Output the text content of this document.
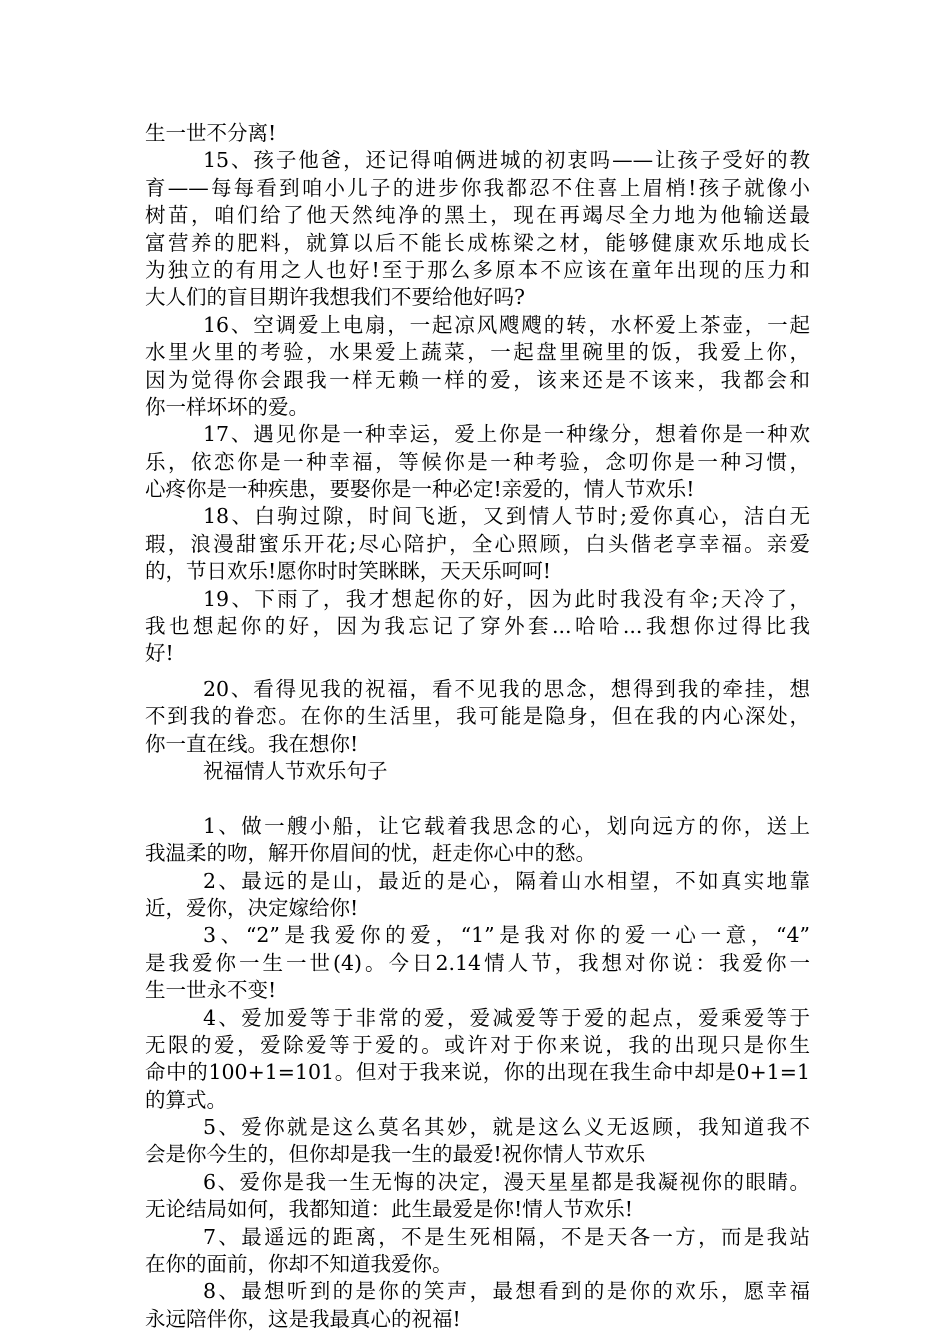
生一世不分离!
15、孩子他爸，还记得咱俩进城的初衷吗——让孩子受好的教
育——每每看到咱小儿子的进步你我都忍不住喜上眉梢!孩子就像小
树苗，咱们给了他天然纯净的黑土，现在再竭尽全力地为他输送最
富营养的肥料，就算以后不能长成栋梁之材，能够健康欢乐地成长
为独立的有用之人也好!至于那么多原本不应该在童年出现的压力和
大人们的盲目期许我想我们不要给他好吗?
16、空调爱上电扇，一起凉风飕飕的转，水杯爱上茶壶，一起
水里火里的考验，水果爱上蔬菜，一起盘里碗里的饭，我爱上你，
因为觉得你会跟我一样无赖一样的爱，该来还是不该来，我都会和
你一样坏坏的爱。
17、遇见你是一种幸运，爱上你是一种缘分，想着你是一种欢
乐，依恋你是一种幸福，等候你是一种考验，念叨你是一种习惯，
心疼你是一种疾患，要娶你是一种必定!亲爱的，情人节欢乐!
18、白驹过隙，时间飞逝，又到情人节时;爱你真心，洁白无
瑕，浪漫甜蜜乐开花;尽心陪护，全心照顾，白头偕老享幸福。亲爱
的，节日欢乐!愿你时时笑眯眯，天天乐呵呵!
19、下雨了，我才想起你的好，因为此时我没有伞;天冷了，
我也想起你的好，因为我忘记了穿外套...哈哈...我想你过得比我
好!
20、看得见我的祝福，看不见我的思念，想得到我的牵挂，想
不到我的眷恋。在你的生活里，我可能是隐身，但在我的内心深处，
你一直在线。我在想你!
祝福情人节欢乐句子
1、做一艘小船，让它载着我思念的心，划向远方的你，送上
我温柔的吻，解开你眉间的忧，赶走你心中的愁。
2、最远的是山，最近的是心，隔着山水相望，不如真实地靠
近，爱你，决定嫁给你!
3、“2”是我爱你的爱，“1”是我对你的爱一心一意，“4”
是我爱你一生一世(4)。今日2.14情人节，我想对你说：我爱你一
生一世永不变!
4、爱加爱等于非常的爱，爱减爱等于爱的起点，爱乘爱等于
无限的爱，爱除爱等于爱的。或许对于你来说，我的出现只是你生
命中的100+1=101。但对于我来说，你的出现在我生命中却是0+1=1
的算式。
5、爱你就是这么莫名其妙，就是这么义无返顾，我知道我不
会是你今生的，但你却是我一生的最爱!祝你情人节欢乐
6、爱你是我一生无悔的决定，漫天星星都是我凝视你的眼睛。
无论结局如何，我都知道：此生最爱是你!情人节欢乐!
7、最遥远的距离，不是生死相隔，不是天各一方，而是我站
在你的面前，你却不知道我爱你。
8、最想听到的是你的笑声，最想看到的是你的欢乐，愿幸福
永远陪伴你，这是我最真心的祝福!
